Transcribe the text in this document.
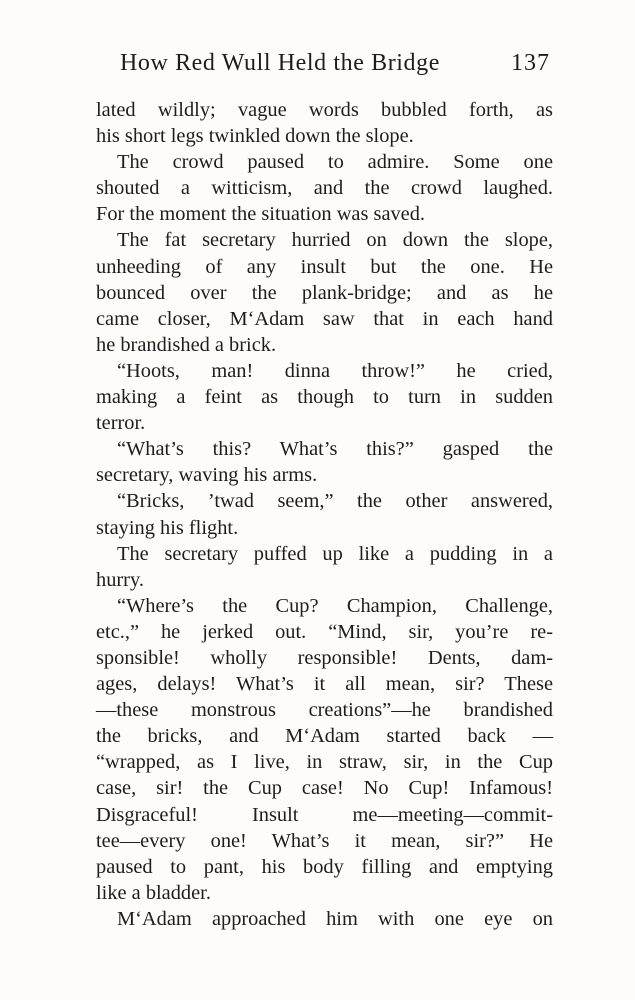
How Red Wull Held the Bridge	137
lated wildly; vague words bubbled forth, as
his short legs twinkled down the slope.
The crowd paused to admire. Some one
shouted a witticism, and the crowd laughed.
For the moment the situation was saved.
The fat secretary hurried on down the slope,
unheeding of any insult but the one. He
bounced over the plank-bridge; and as he
came closer, M‘Adam saw that in each hand
he brandished a brick.
“Hoots, man! dinna throw!” he cried,
making a feint as though to turn in sudden
terror.
“What’s this? What’s this?” gasped the
secretary, waving his arms.
“Bricks, ’twad seem,” the other answered,
staying his flight.
The secretary puffed up like a pudding in a
hurry.
“Where’s the Cup? Champion, Challenge,
etc.,” he jerked out. “Mind, sir, you’re re-
sponsible! wholly responsible! Dents, dam-
ages, delays! What’s it all mean, sir? These
—these monstrous creations”—he brandished
the bricks, and M‘Adam started back —
“wrapped, as I live, in straw, sir, in the Cup
case, sir! the Cup case! No Cup! Infamous!
Disgraceful! Insult me—meeting—commit-
tee—every one! What’s it mean, sir?” He
paused to pant, his body filling and emptying
like a bladder.
M‘Adam approached him with one eye on
